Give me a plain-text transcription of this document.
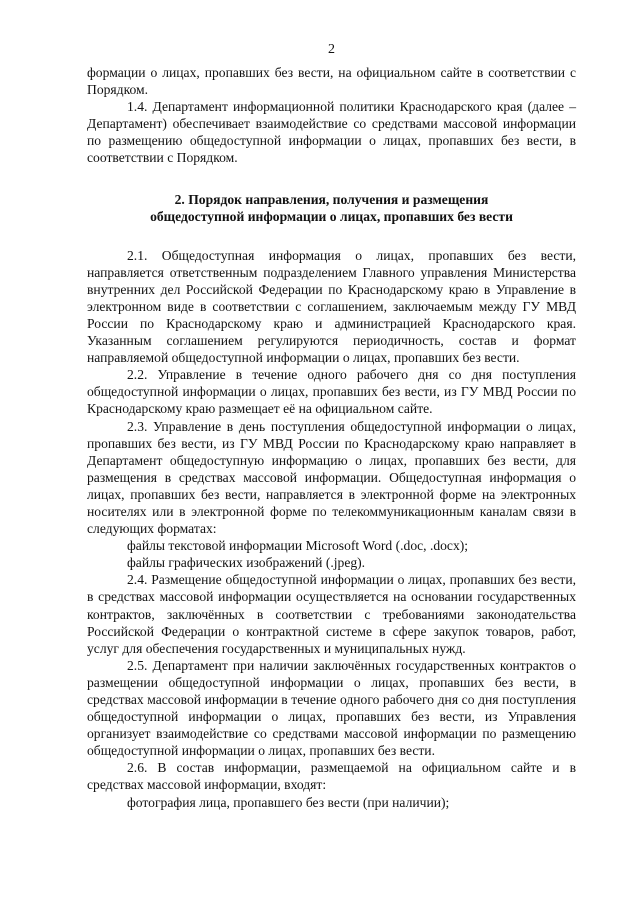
2

формации о лицах, пропавших без вести, на официальном сайте в соответствии с Порядком.

1.4. Департамент информационной политики Краснодарского края (далее – Департамент) обеспечивает взаимодействие со средствами массовой информации по размещению общедоступной информации о лицах, пропавших без вести, в соответствии с Порядком.

2. Порядок направления, получения и размещения общедоступной информации о лицах, пропавших без вести

2.1. Общедоступная информация о лицах, пропавших без вести, направляется ответственным подразделением Главного управления Министерства внутренних дел Российской Федерации по Краснодарскому краю в Управление в электронном виде в соответствии с соглашением, заключаемым между ГУ МВД России по Краснодарскому краю и администрацией Краснодарского края. Указанным соглашением регулируются периодичность, состав и формат направляемой общедоступной информации о лицах, пропавших без вести.

2.2. Управление в течение одного рабочего дня со дня поступления общедоступной информации о лицах, пропавших без вести, из ГУ МВД России по Краснодарскому краю размещает её на официальном сайте.

2.3. Управление в день поступления общедоступной информации о лицах, пропавших без вести, из ГУ МВД России по Краснодарскому краю направляет в Департамент общедоступную информацию о лицах, пропавших без вести, для размещения в средствах массовой информации. Общедоступная информация о лицах, пропавших без вести, направляется в электронной форме на электронных носителях или в электронной форме по телекоммуникационным каналам связи в следующих форматах:

файлы текстовой информации Microsoft Word (.doc, .docx);

файлы графических изображений (.jpeg).

2.4. Размещение общедоступной информации о лицах, пропавших без вести, в средствах массовой информации осуществляется на основании государственных контрактов, заключённых в соответствии с требованиями законодательства Российской Федерации о контрактной системе в сфере закупок товаров, работ, услуг для обеспечения государственных и муниципальных нужд.

2.5. Департамент при наличии заключённых государственных контрактов о размещении общедоступной информации о лицах, пропавших без вести, в средствах массовой информации в течение одного рабочего дня со дня поступления общедоступной информации о лицах, пропавших без вести, из Управления организует взаимодействие со средствами массовой информации по размещению общедоступной информации о лицах, пропавших без вести.

2.6. В состав информации, размещаемой на официальном сайте и в средствах массовой информации, входят:

фотография лица, пропавшего без вести (при наличии);
